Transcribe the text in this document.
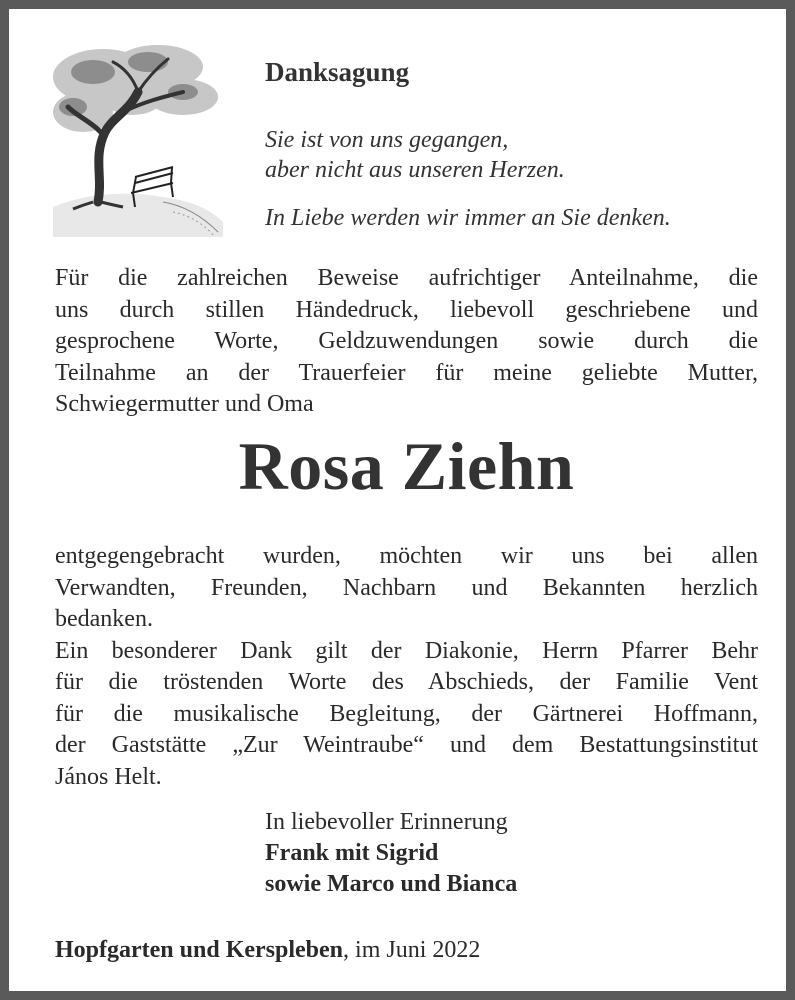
Danksagung
Sie ist von uns gegangen,
aber nicht aus unseren Herzen.
In Liebe werden wir immer an Sie denken.
Für die zahlreichen Beweise aufrichtiger Anteilnahme, die
uns durch stillen Händedruck, liebevoll geschriebene und
gesprochene Worte, Geldzuwendungen sowie durch die
Teilnahme an der Trauerfeier für meine geliebte Mutter,
Schwiegermutter und Oma
Rosa Ziehn
entgegengebracht wurden, möchten wir uns bei allen
Verwandten, Freunden, Nachbarn und Bekannten herzlich
bedanken.
Ein besonderer Dank gilt der Diakonie, Herrn Pfarrer Behr
für die tröstenden Worte des Abschieds, der Familie Vent
für die musikalische Begleitung, der Gärtnerei Hoffmann,
der Gaststätte „Zur Weintraube“ und dem Bestattungsinstitut
János Helt.
In liebevoller Erinnerung
Frank mit Sigrid
sowie Marco und Bianca
Hopfgarten und Kerspleben, im Juni 2022
